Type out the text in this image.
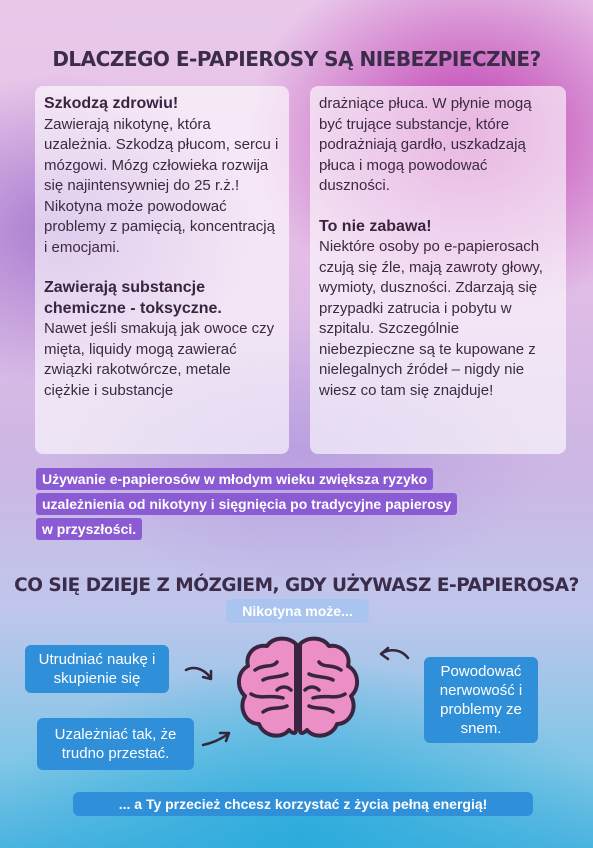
DLACZEGO E-PAPIEROSY SĄ NIEBEZPIECZNE?
Szkodzą zdrowiu!

Zawierają nikotynę, która uzależnia. Szkodzą płucom, sercu i mózgowi. Mózg człowieka rozwija się najintensywniej do 25 r.ż.! Nikotyna może powodować problemy z pamięcią, koncentracją i emocjami.

Zawierają substancje chemiczne - toksyczne.

Nawet jeśli smakują jak owoce czy mięta, liquidy mogą zawierać związki rakotwórcze, metale ciężkie i substancje

drażniące płuca. W płynie mogą być trujące substancje, które podrażniają gardło, uszkadzają płuca i mogą powodować duszności.

To nie zabawa!

Niektóre osoby po e-papierosach czują się źle, mają zawroty głowy, wymioty, duszności. Zdarzają się przypadki zatrucia i pobytu w szpitalu. Szczególnie niebezpieczne są te kupowane z nielegalnych źródeł – nigdy nie wiesz co tam się znajduje!

Używanie e-papierosów w młodym wieku zwiększa ryzyko
uzależnienia od nikotyny i sięgnięcia po tradycyjne papierosy
w przyszłości.
CO SIĘ DZIEJE Z MÓZGIEM, GDY UŻYWASZ E-PAPIEROSA?
Nikotyna może...
Utrudniać naukę i skupienie się
Uzależniać tak, że trudno przestać.
Powodować nerwowość i problemy ze snem.
... a Ty przecież chcesz korzystać z życia pełną energią!
